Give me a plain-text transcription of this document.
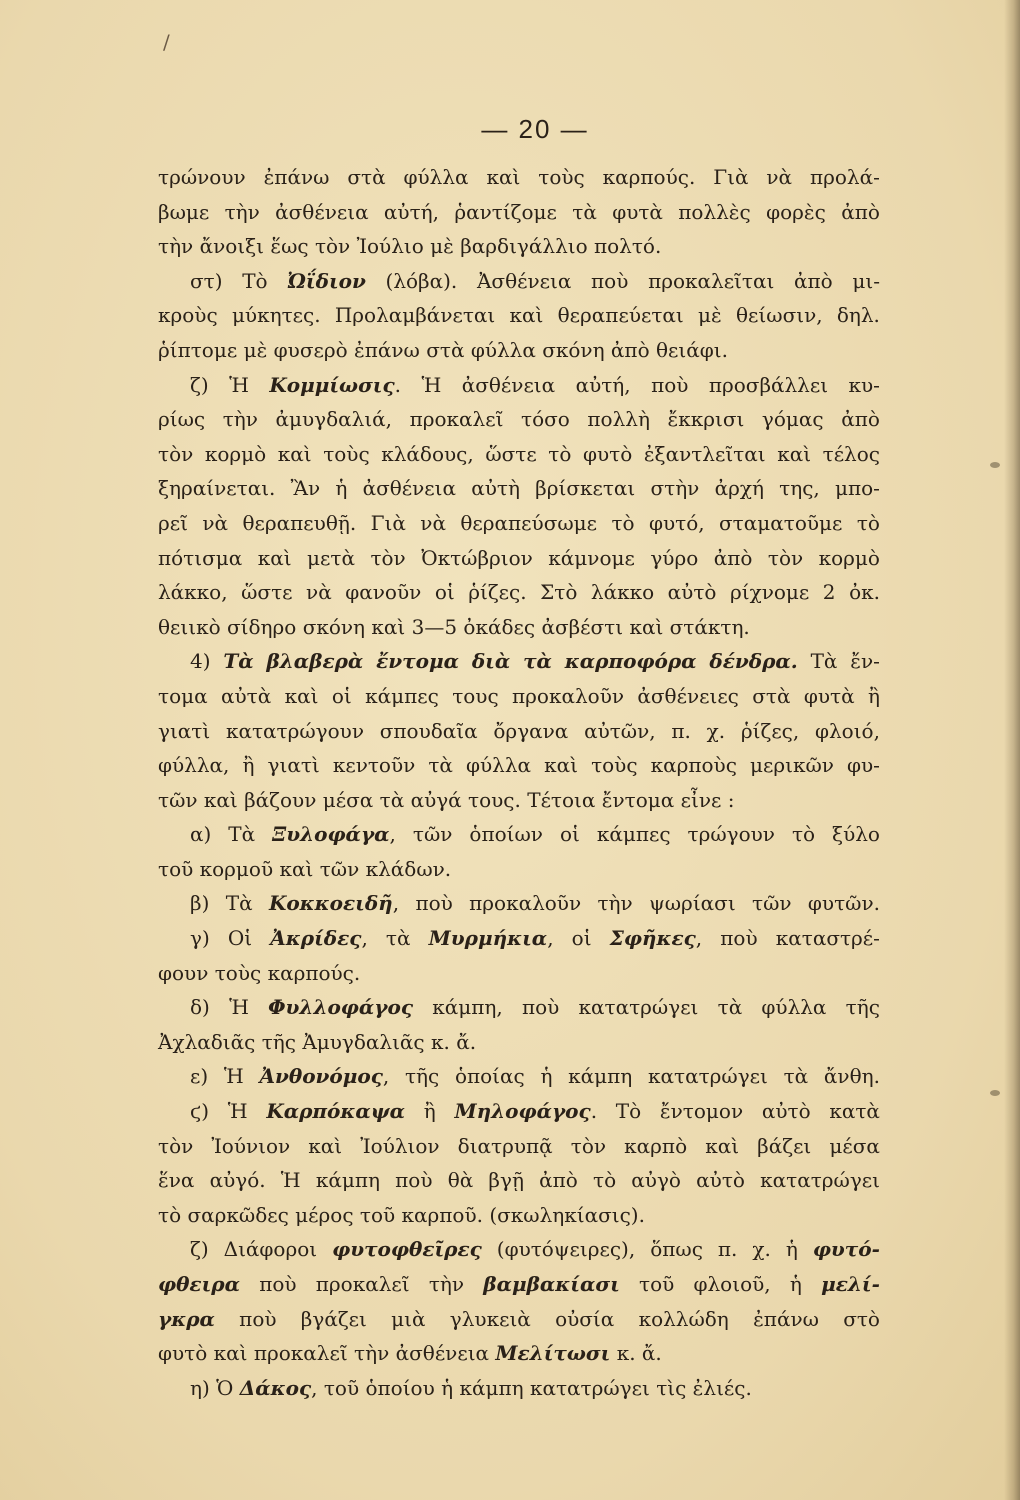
/
— 20 —
τρώνουν ἐπάνω στὰ φύλλα καὶ τοὺς καρπούς. Γιὰ νὰ προλά-
βωμε τὴν ἀσθένεια αὐτή, ῥαντίζομε τὰ φυτὰ πολλὲς φορὲς ἀπὸ
τὴν ἄνοιξι ἕως τὸν Ἰούλιο μὲ βαρδιγάλλιο πολτό.
στ) Τὸ Ὠΐδιον (λόβα). Ἀσθένεια ποὺ προκαλεῖται ἀπὸ μι-
κροὺς μύκητες. Προλαμβάνεται καὶ θεραπεύεται μὲ θείωσιν, δηλ.
ῥίπτομε μὲ φυσερὸ ἐπάνω στὰ φύλλα σκόνη ἀπὸ θειάφι.
ζ) Ἡ Κομμίωσις. Ἡ ἀσθένεια αὐτή, ποὺ προσβάλλει κυ-
ρίως τὴν ἀμυγδαλιά, προκαλεῖ τόσο πολλὴ ἔκκρισι γόμας ἀπὸ
τὸν κορμὸ καὶ τοὺς κλάδους, ὥστε τὸ φυτὸ ἐξαντλεῖται καὶ τέλος
ξηραίνεται. Ἂν ἡ ἀσθένεια αὐτὴ βρίσκεται στὴν ἀρχή της, μπο-
ρεῖ νὰ θεραπευθῇ. Γιὰ νὰ θεραπεύσωμε τὸ φυτό, σταματοῦμε τὸ
πότισμα καὶ μετὰ τὸν Ὀκτώβριον κάμνομε γύρο ἀπὸ τὸν κορμὸ
λάκκο, ὥστε νὰ φανοῦν οἱ ῥίζες. Στὸ λάκκο αὐτὸ ρίχνομε 2 ὀκ.
θειικὸ σίδηρο σκόνη καὶ 3—5 ὀκάδες ἀσβέστι καὶ στάκτη.
4) Τὰ βλαβερὰ ἔντομα διὰ τὰ καρποφόρα δένδρα. Τὰ ἔν-
τομα αὐτὰ καὶ οἱ κάμπες τους προκαλοῦν ἀσθένειες στὰ φυτὰ ἢ
γιατὶ κατατρώγουν σπουδαῖα ὄργανα αὐτῶν, π. χ. ῥίζες, φλοιό,
φύλλα, ἢ γιατὶ κεντοῦν τὰ φύλλα καὶ τοὺς καρποὺς μερικῶν φυ-
τῶν καὶ βάζουν μέσα τὰ αὐγά τους. Τέτοια ἔντομα εἶνε :
α) Τὰ Ξυλοφάγα, τῶν ὁποίων οἱ κάμπες τρώγουν τὸ ξύλο
τοῦ κορμοῦ καὶ τῶν κλάδων.
β) Τὰ Κοκκοειδῆ, ποὺ προκαλοῦν τὴν ψωρίασι τῶν φυτῶν.
γ) Οἱ Ἀκρίδες, τὰ Μυρμήκια, οἱ Σφῆκες, ποὺ καταστρέ-
φουν τοὺς καρπούς.
δ) Ἡ Φυλλοφάγος κάμπη, ποὺ κατατρώγει τὰ φύλλα τῆς
Ἀχλαδιᾶς τῆς Ἀμυγδαλιᾶς κ. ἄ.
ε) Ἡ Ἀνθονόμος, τῆς ὁποίας ἡ κάμπη κατατρώγει τὰ ἄνθη.
ϛ) Ἡ Καρπόκαψα ἢ Μηλοφάγος. Τὸ ἔντομον αὐτὸ κατὰ
τὸν Ἰούνιον καὶ Ἰούλιον διατρυπᾷ τὸν καρπὸ καὶ βάζει μέσα
ἕνα αὐγό. Ἡ κάμπη ποὺ θὰ βγῇ ἀπὸ τὸ αὐγὸ αὐτὸ κατατρώγει
τὸ σαρκῶδες μέρος τοῦ καρποῦ. (σκωληκίασις).
ζ) Διάφοροι φυτοφθεῖρες (φυτόψειρες), ὅπως π. χ. ἡ φυτό-
φθειρα ποὺ προκαλεῖ τὴν βαμβακίασι τοῦ φλοιοῦ, ἡ μελί-
γκρα ποὺ βγάζει μιὰ γλυκειὰ οὐσία κολλώδη ἐπάνω στὸ
φυτὸ καὶ προκαλεῖ τὴν ἀσθένεια Μελίτωσι κ. ἄ.
η) Ὁ Δάκος, τοῦ ὁποίου ἡ κάμπη κατατρώγει τὶς ἐλιές.
